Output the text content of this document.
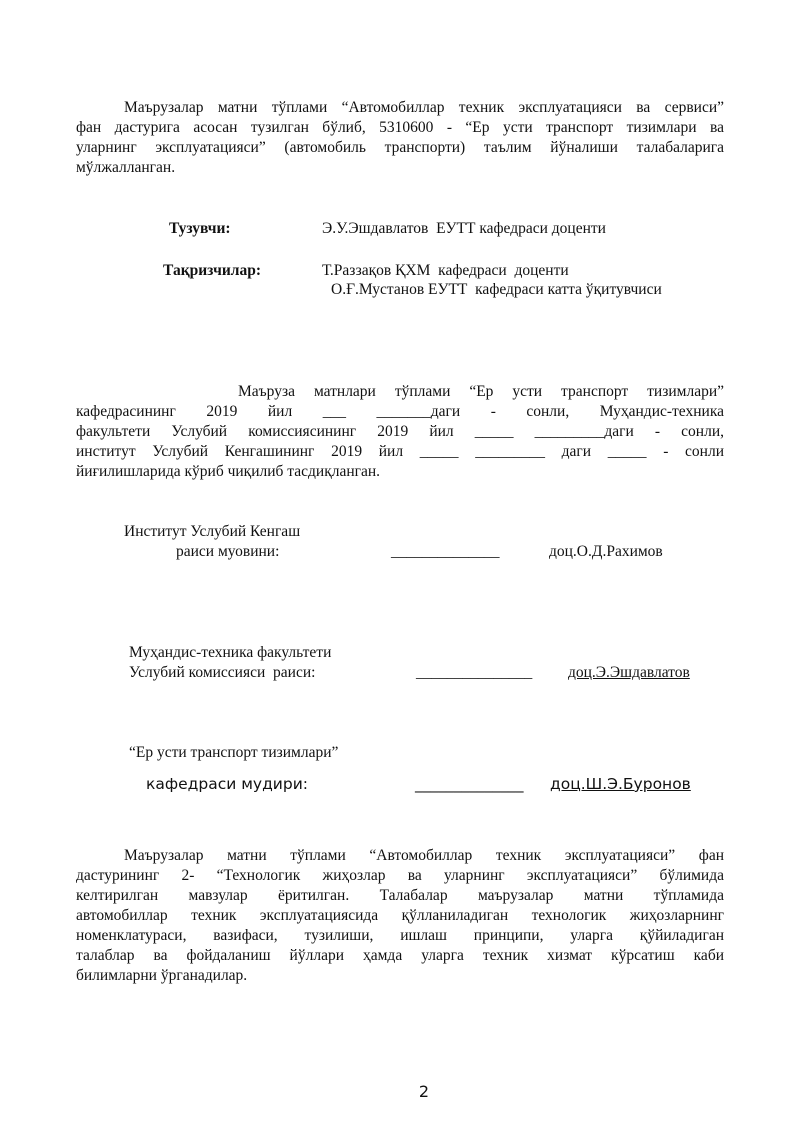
Маърузалар матни тўплами “Автомобиллар техник эксплуатацияси ва сервиси”
фан дастурига асосан тузилган бўлиб, 5310600 - “Ер усти транспорт тизимлари ва
уларнинг эксплуатацияси” (автомобиль транспорти) таълим йўналиши талабаларига
мўлжалланган.
Тузувчи:	Э.У.Эшдавлатов  ЕУТТ кафедраси доценти
Тақризчилар:	Т.Раззақов ҚХМ  кафедраси  доценти
О.Ғ.Мустанов ЕУТТ  кафедраси катта ўқитувчиси
Маъруза матнлари тўплами “Ер усти транспорт тизимлари”
кафедрасининг 2019 йил ___ _______даги - сонли, Муҳандис-техника
факультети Услубий комиссиясининг 2019 йил _____ _________даги - сонли,
институт Услубий Кенгашининг 2019 йил _____ _________ даги _____ - сонли
йиғилишларида кўриб чиқилиб тасдиқланган.
Институт Услубий Кенгаш
раиси муовини:	______________	доц.О.Д.Рахимов
Муҳандис-техника факультети
Услубий комиссияси  раиси:	_______________ доц.Э.Эшдавлатов
“Ер усти транспорт тизимлари”
кафедраси мудири:	______________ доц.Ш.Э.Буронов
Маърузалар матни тўплами “Автомобиллар техник эксплуатацияси” фан
дастурининг 2- “Технологик жиҳозлар ва уларнинг эксплуатацияси” бўлимида
келтирилган мавзулар ёритилган. Талабалар маърузалар матни тўпламида
автомобиллар техник эксплуатациясида қўлланиладиган технологик жиҳозларнинг
номенклатураси, вазифаси, тузилиши, ишлаш принципи, уларга қўйиладиган
талаблар ва фойдаланиш йўллари ҳамда уларга техник хизмат кўрсатиш каби
билимларни ўрганадилар.
2
